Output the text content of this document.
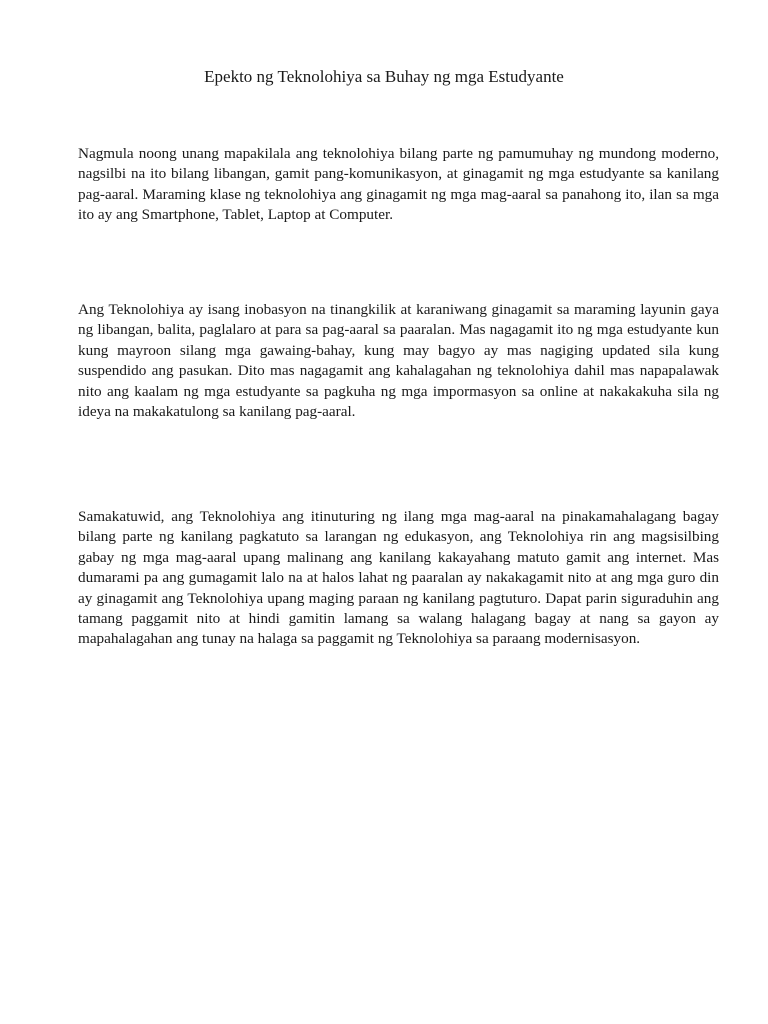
Epekto ng Teknolohiya sa Buhay ng mga Estudyante

Nagmula noong unang mapakilala ang teknolohiya bilang parte ng pamumuhay ng mundong moderno, nagsilbi na ito bilang libangan, gamit pang-komunikasyon, at ginagamit ng mga estudyante sa kanilang pag-aaral. Maraming klase ng teknolohiya ang ginagamit ng mga mag-aaral sa panahong ito, ilan sa mga ito ay ang Smartphone, Tablet, Laptop at Computer.

Ang Teknolohiya ay isang inobasyon na tinangkilik at karaniwang ginagamit sa maraming layunin gaya ng libangan, balita, paglalaro at para sa pag-aaral sa paaralan. Mas nagagamit ito ng mga estudyante kun kung mayroon silang mga gawaing-bahay, kung may bagyo ay mas nagiging updated sila kung suspendido ang pasukan. Dito mas nagagamit ang kahalagahan ng teknolohiya dahil mas napapalawak nito ang kaalam ng mga estudyante sa pagkuha ng mga impormasyon sa online at nakakakuha sila ng ideya na makakatulong sa kanilang pag-aaral.

Samakatuwid, ang Teknolohiya ang itinuturing ng ilang mga mag-aaral na pinakamahalagang bagay bilang parte ng kanilang pagkatuto sa larangan ng edukasyon, ang Teknolohiya rin ang magsisilbing gabay ng mga mag-aaral upang malinang ang kanilang kakayahang matuto gamit ang internet. Mas dumarami pa ang gumagamit lalo na at halos lahat ng paaralan ay nakakagamit nito at ang mga guro din ay ginagamit ang Teknolohiya upang maging paraan ng kanilang pagtuturo. Dapat parin siguraduhin ang tamang paggamit nito at hindi gamitin lamang sa walang halagang bagay at nang sa gayon ay mapahalagahan ang tunay na halaga sa paggamit ng Teknolohiya sa paraang modernisasyon.
